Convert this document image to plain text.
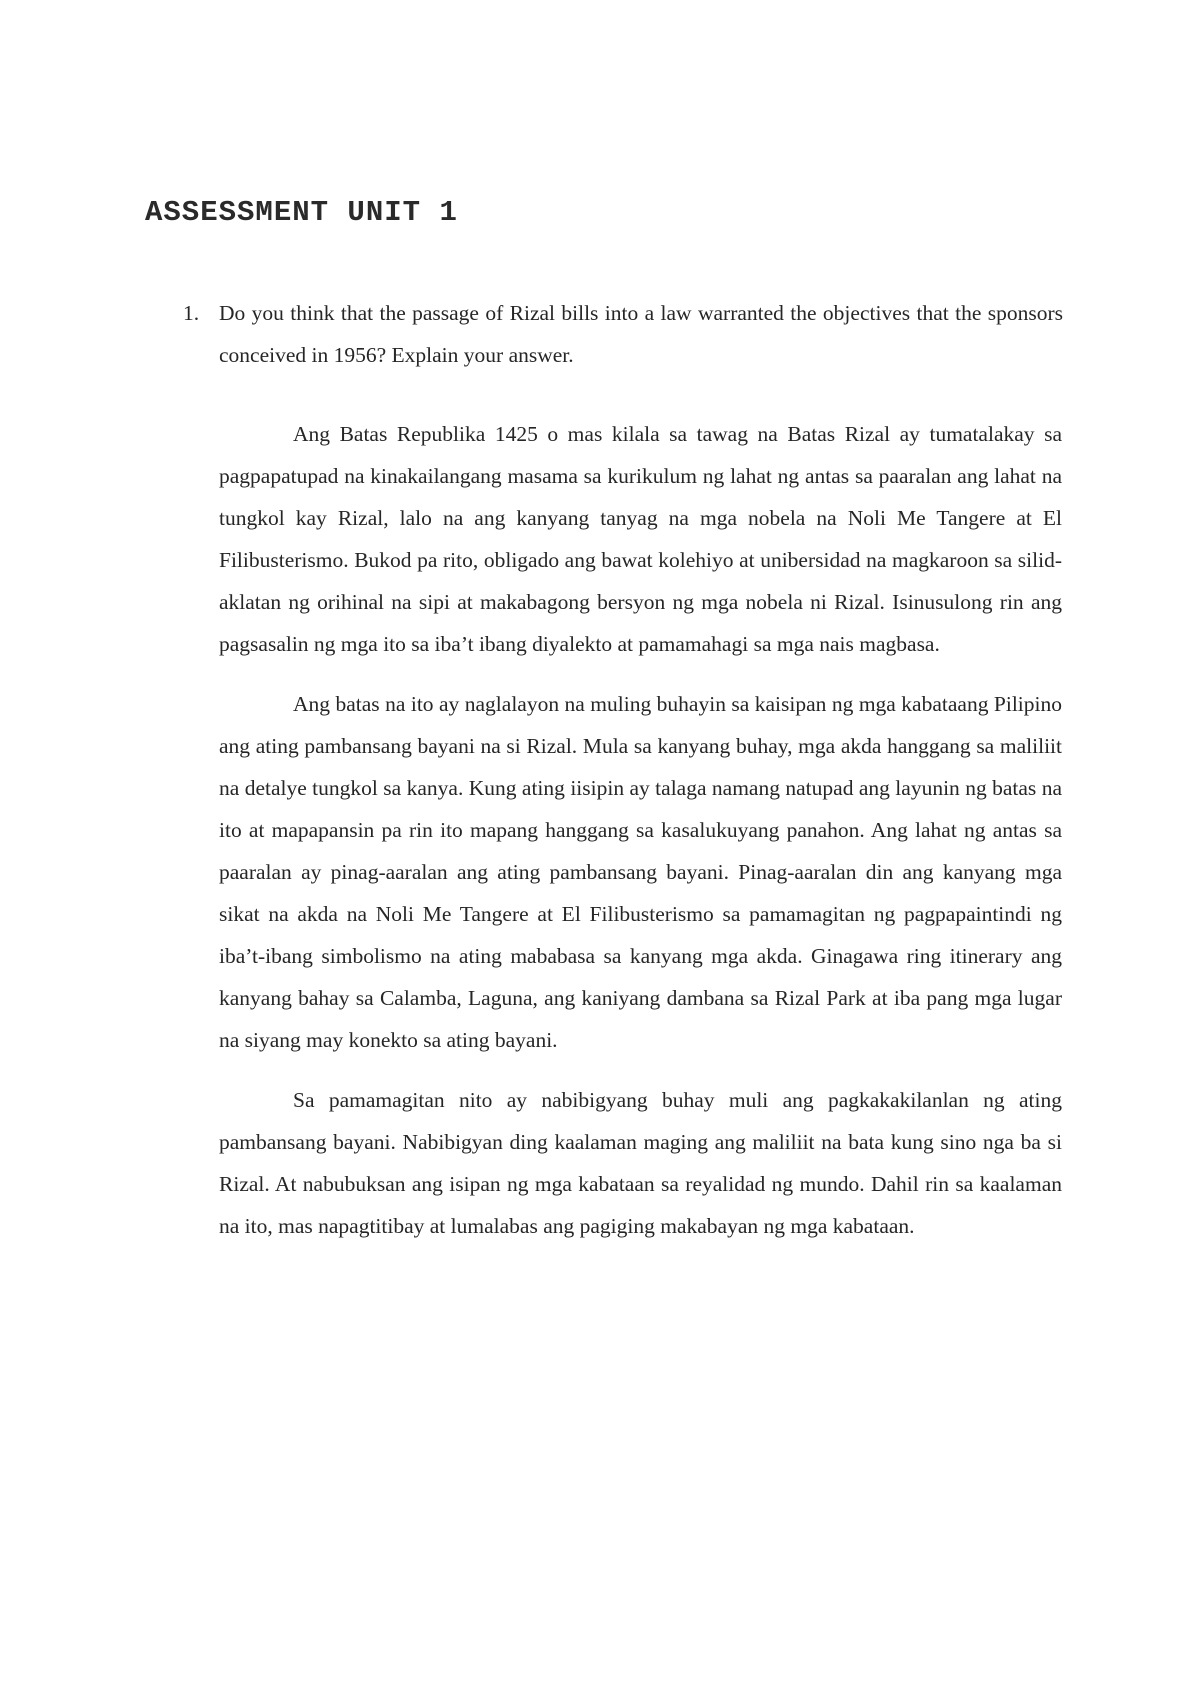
ASSESSMENT UNIT 1
1. Do you think that the passage of Rizal bills into a law warranted the objectives that the sponsors conceived in 1956? Explain your answer.

Ang Batas Republika 1425 o mas kilala sa tawag na Batas Rizal ay tumatalakay sa pagpapatupad na kinakailangang masama sa kurikulum ng lahat ng antas sa paaralan ang lahat na tungkol kay Rizal, lalo na ang kanyang tanyag na mga nobela na Noli Me Tangere at El Filibusterismo. Bukod pa rito, obligado ang bawat kolehiyo at unibersidad na magkaroon sa silid-aklatan ng orihinal na sipi at makabagong bersyon ng mga nobela ni Rizal. Isinusulong rin ang pagsasalin ng mga ito sa iba’t ibang diyalekto at pamamahagi sa mga nais magbasa.

Ang batas na ito ay naglalayon na muling buhayin sa kaisipan ng mga kabataang Pilipino ang ating pambansang bayani na si Rizal. Mula sa kanyang buhay, mga akda hanggang sa maliliit na detalye tungkol sa kanya. Kung ating iisipin ay talaga namang natupad ang layunin ng batas na ito at mapapansin pa rin ito mapang hanggang sa kasalukuyang panahon. Ang lahat ng antas sa paaralan ay pinag-aaralan ang ating pambansang bayani. Pinag-aaralan din ang kanyang mga sikat na akda na Noli Me Tangere at El Filibusterismo sa pamamagitan ng pagpapaintindi ng iba’t-ibang simbolismo na ating mababasa sa kanyang mga akda. Ginagawa ring itinerary ang kanyang bahay sa Calamba, Laguna, ang kaniyang dambana sa Rizal Park at iba pang mga lugar na siyang may konekto sa ating bayani.

Sa pamamagitan nito ay nabibigyang buhay muli ang pagkakakilanlan ng ating pambansang bayani. Nabibigyan ding kaalaman maging ang maliliit na bata kung sino nga ba si Rizal. At nabubuksan ang isipan ng mga kabataan sa reyalidad ng mundo. Dahil rin sa kaalaman na ito, mas napagtitibay at lumalabas ang pagiging makabayan ng mga kabataan.
